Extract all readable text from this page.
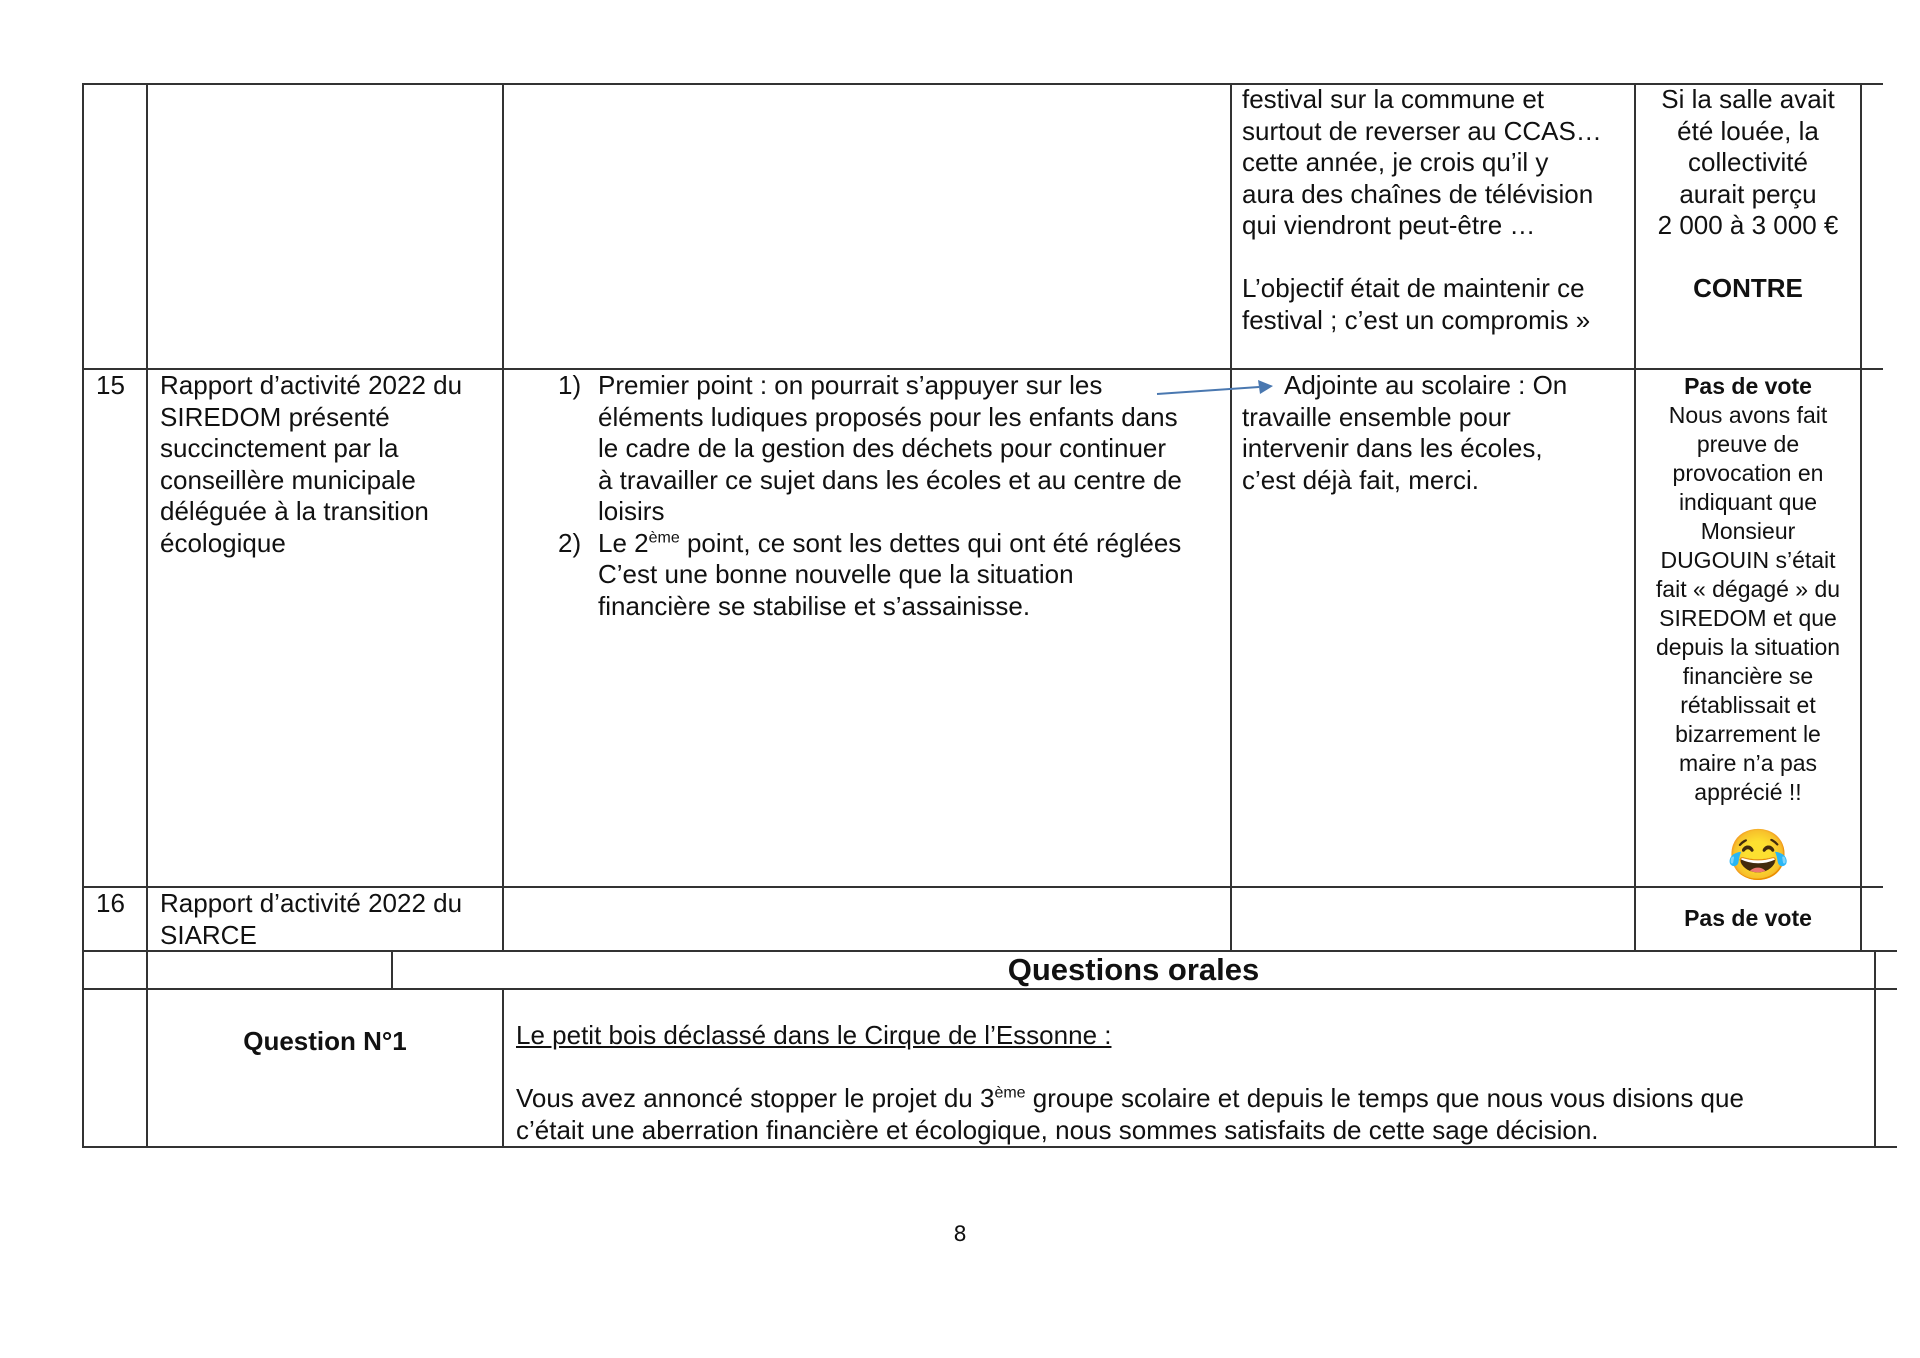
festival sur la commune et
surtout de reverser au CCAS…
cette année, je crois qu’il y
aura des chaînes de télévision
qui viendront peut-être …
L’objectif était de maintenir ce
festival ; c’est un compromis »
Si la salle avait
été louée, la
collectivité
aurait perçu
2 000 à 3 000 €
CONTRE
15 Rapport d’activité 2022 du
SIREDOM présenté
succinctement par la
conseillère municipale
déléguée à la transition
écologique
1) Premier point : on pourrait s’appuyer sur les
éléments ludiques proposés pour les enfants dans
le cadre de la gestion des déchets pour continuer
à travailler ce sujet dans les écoles et au centre de
loisirs
2) Le 2ème point, ce sont les dettes qui ont été réglées
C’est une bonne nouvelle que la situation
financière se stabilise et s’assainisse.
Adjointe au scolaire : On
travaille ensemble pour
intervenir dans les écoles,
c’est déjà fait, merci.
Pas de vote
Nous avons fait
preuve de
provocation en
indiquant que
Monsieur
DUGOUIN s’était
fait « dégagé » du
SIREDOM et que
depuis la situation
financière se
rétablissait et
bizarrement le
maire n’a pas
apprécié !!
😂
16 Rapport d’activité 2022 du
SIARCE
Pas de vote
Questions orales
Question N°1	Le petit bois déclassé dans le Cirque de l’Essonne :
Vous avez annoncé stopper le projet du 3ème groupe scolaire et depuis le temps que nous vous disions que
c’était une aberration financière et écologique, nous sommes satisfaits de cette sage décision.
8
